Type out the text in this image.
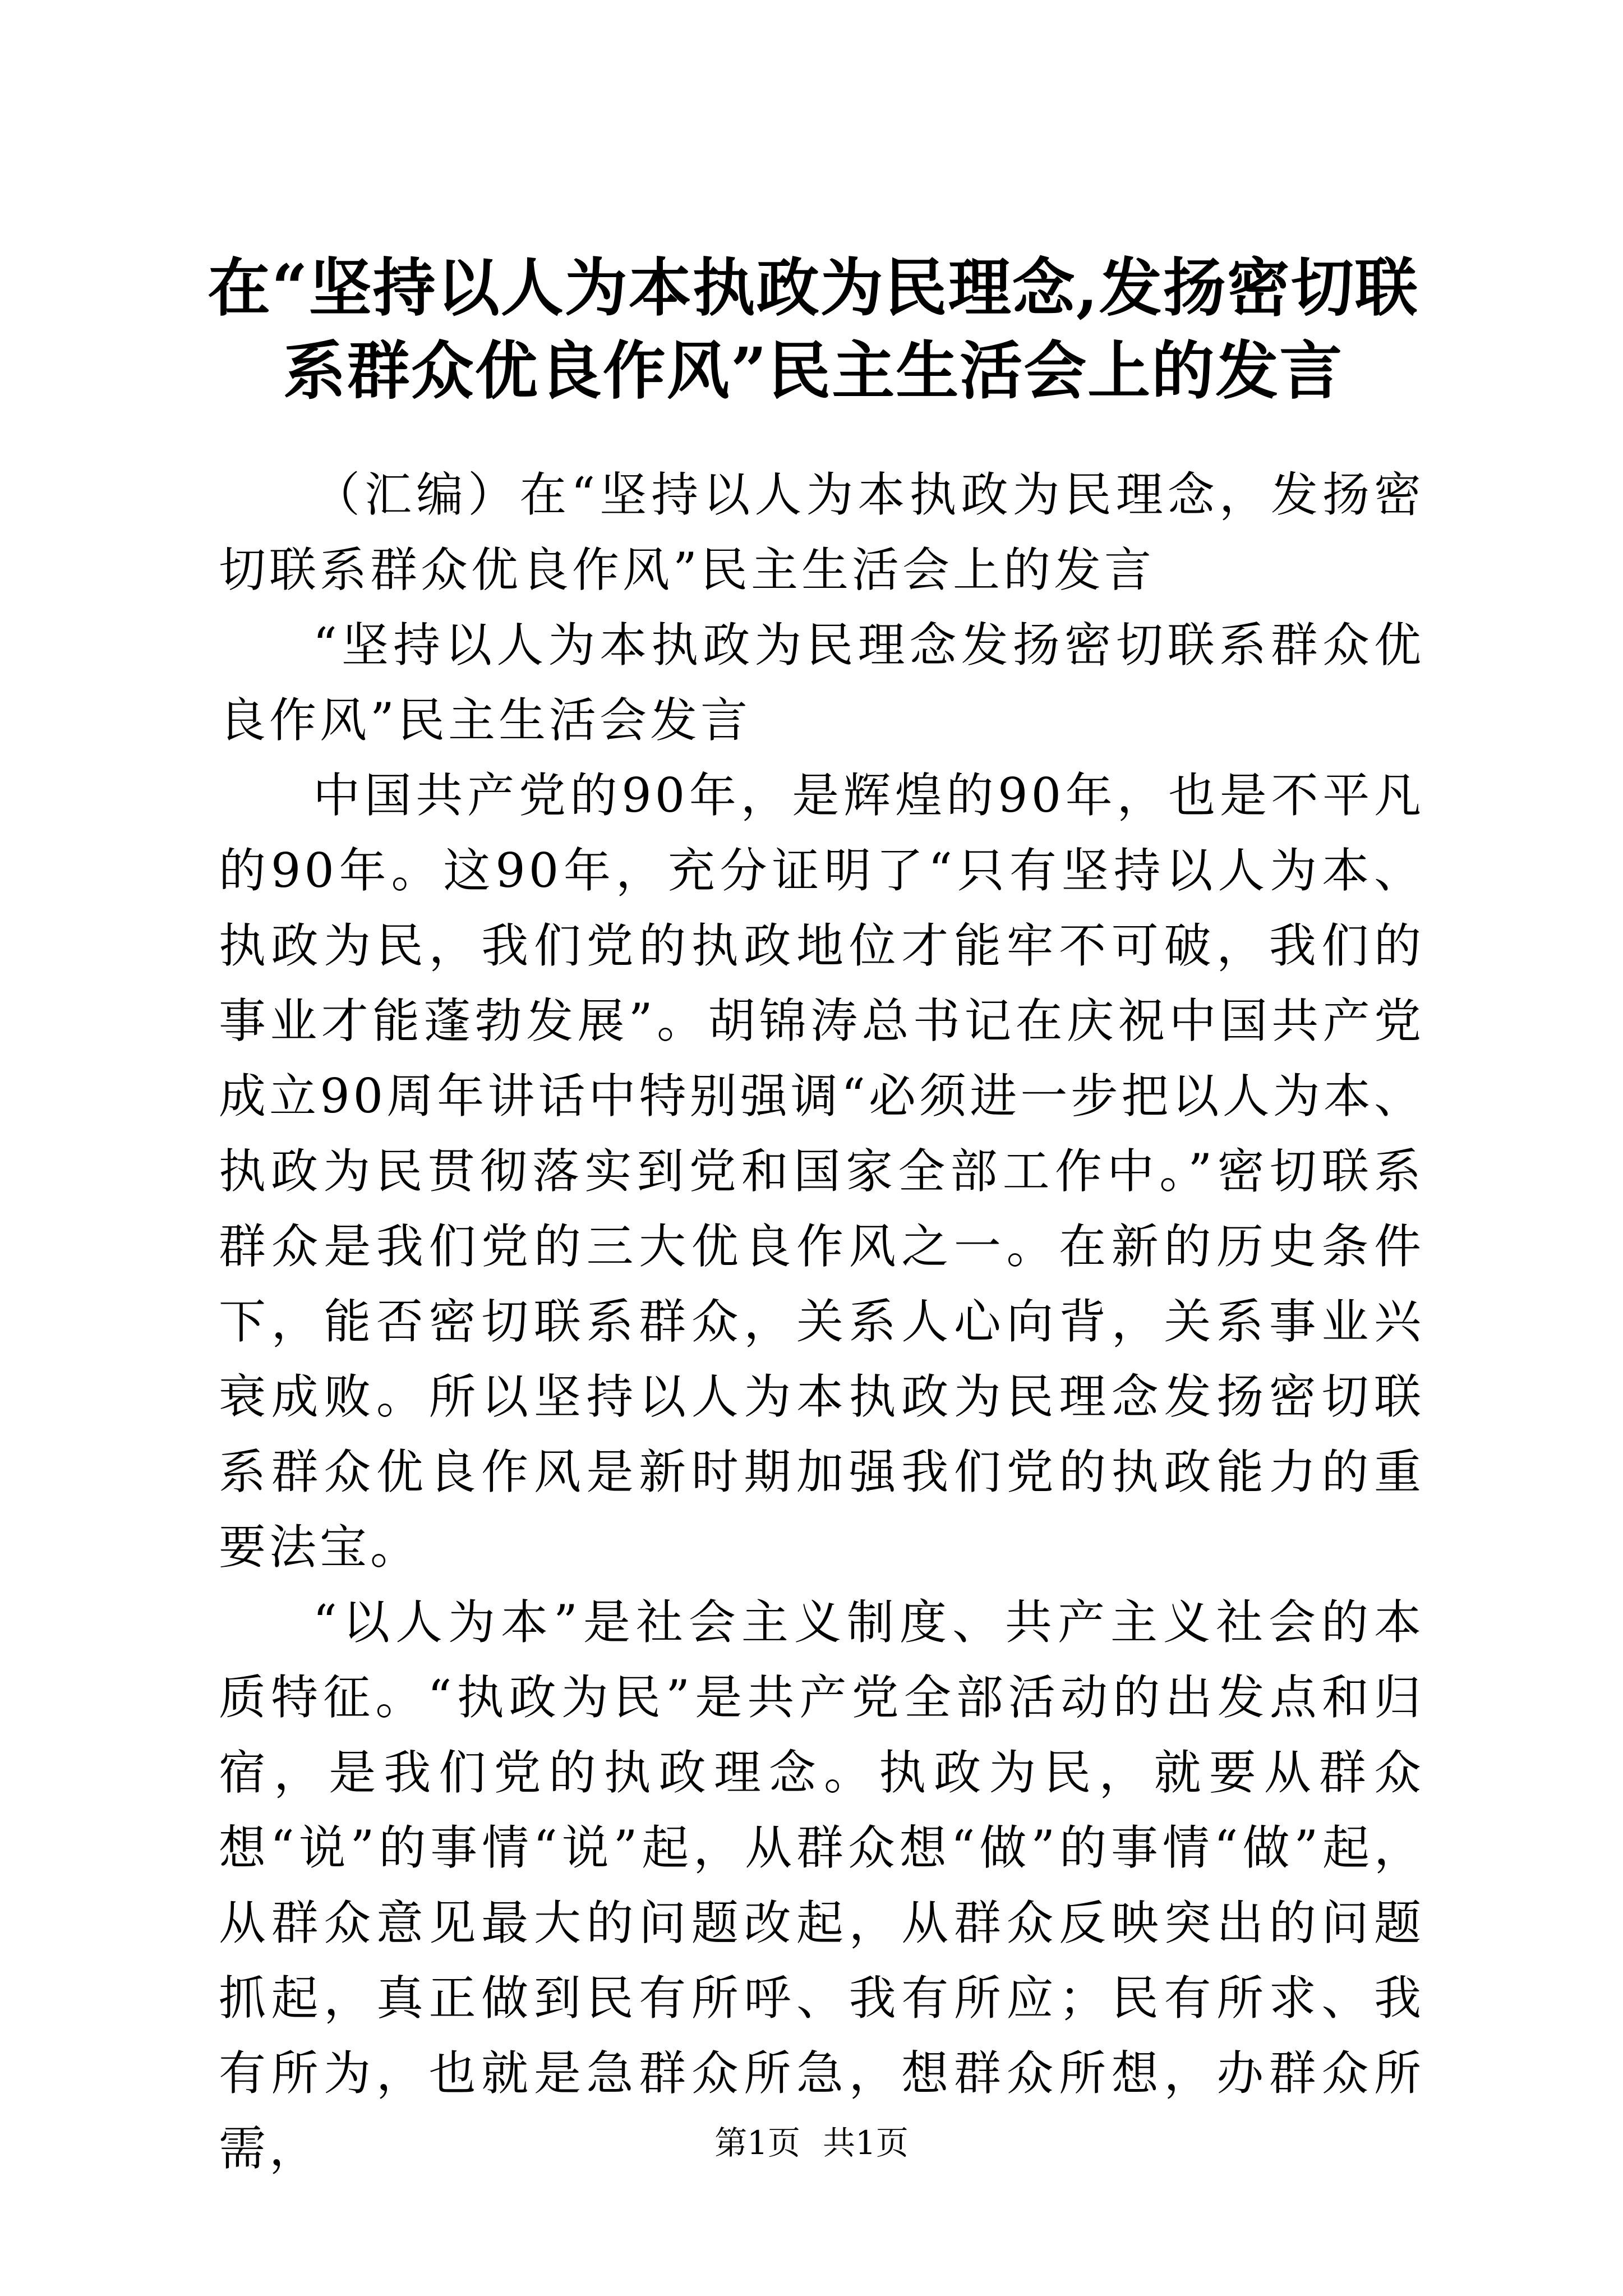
在“坚持以人为本执政为民理念,发扬密切联
系群众优良作风”民主生活会上的发言

（汇编）在“坚持以人为本执政为民理念，发扬密切联系群众优良作风”民主生活会上的发言

“坚持以人为本执政为民理念发扬密切联系群众优良作风”民主生活会发言

中国共产党的90年，是辉煌的90年，也是不平凡的90年。这90年，充分证明了“只有坚持以人为本、执政为民，我们党的执政地位才能牢不可破，我们的事业才能蓬勃发展”。胡锦涛总书记在庆祝中国共产党成立90周年讲话中特别强调“必须进一步把以人为本、执政为民贯彻落实到党和国家全部工作中。”密切联系群众是我们党的三大优良作风之一。在新的历史条件下，能否密切联系群众，关系人心向背，关系事业兴衰成败。所以坚持以人为本执政为民理念发扬密切联系群众优良作风是新时期加强我们党的执政能力的重要法宝。

“以人为本”是社会主义制度、共产主义社会的本质特征。“执政为民”是共产党全部活动的出发点和归宿，是我们党的执政理念。执政为民，就要从群众想“说”的事情“说”起，从群众想“做”的事情“做”起，从群众意见最大的问题改起，从群众反映突出的问题抓起，真正做到民有所呼、我有所应；民有所求、我有所为，也就是急群众所急，想群众所想，办群众所需，	第1页 共1页
